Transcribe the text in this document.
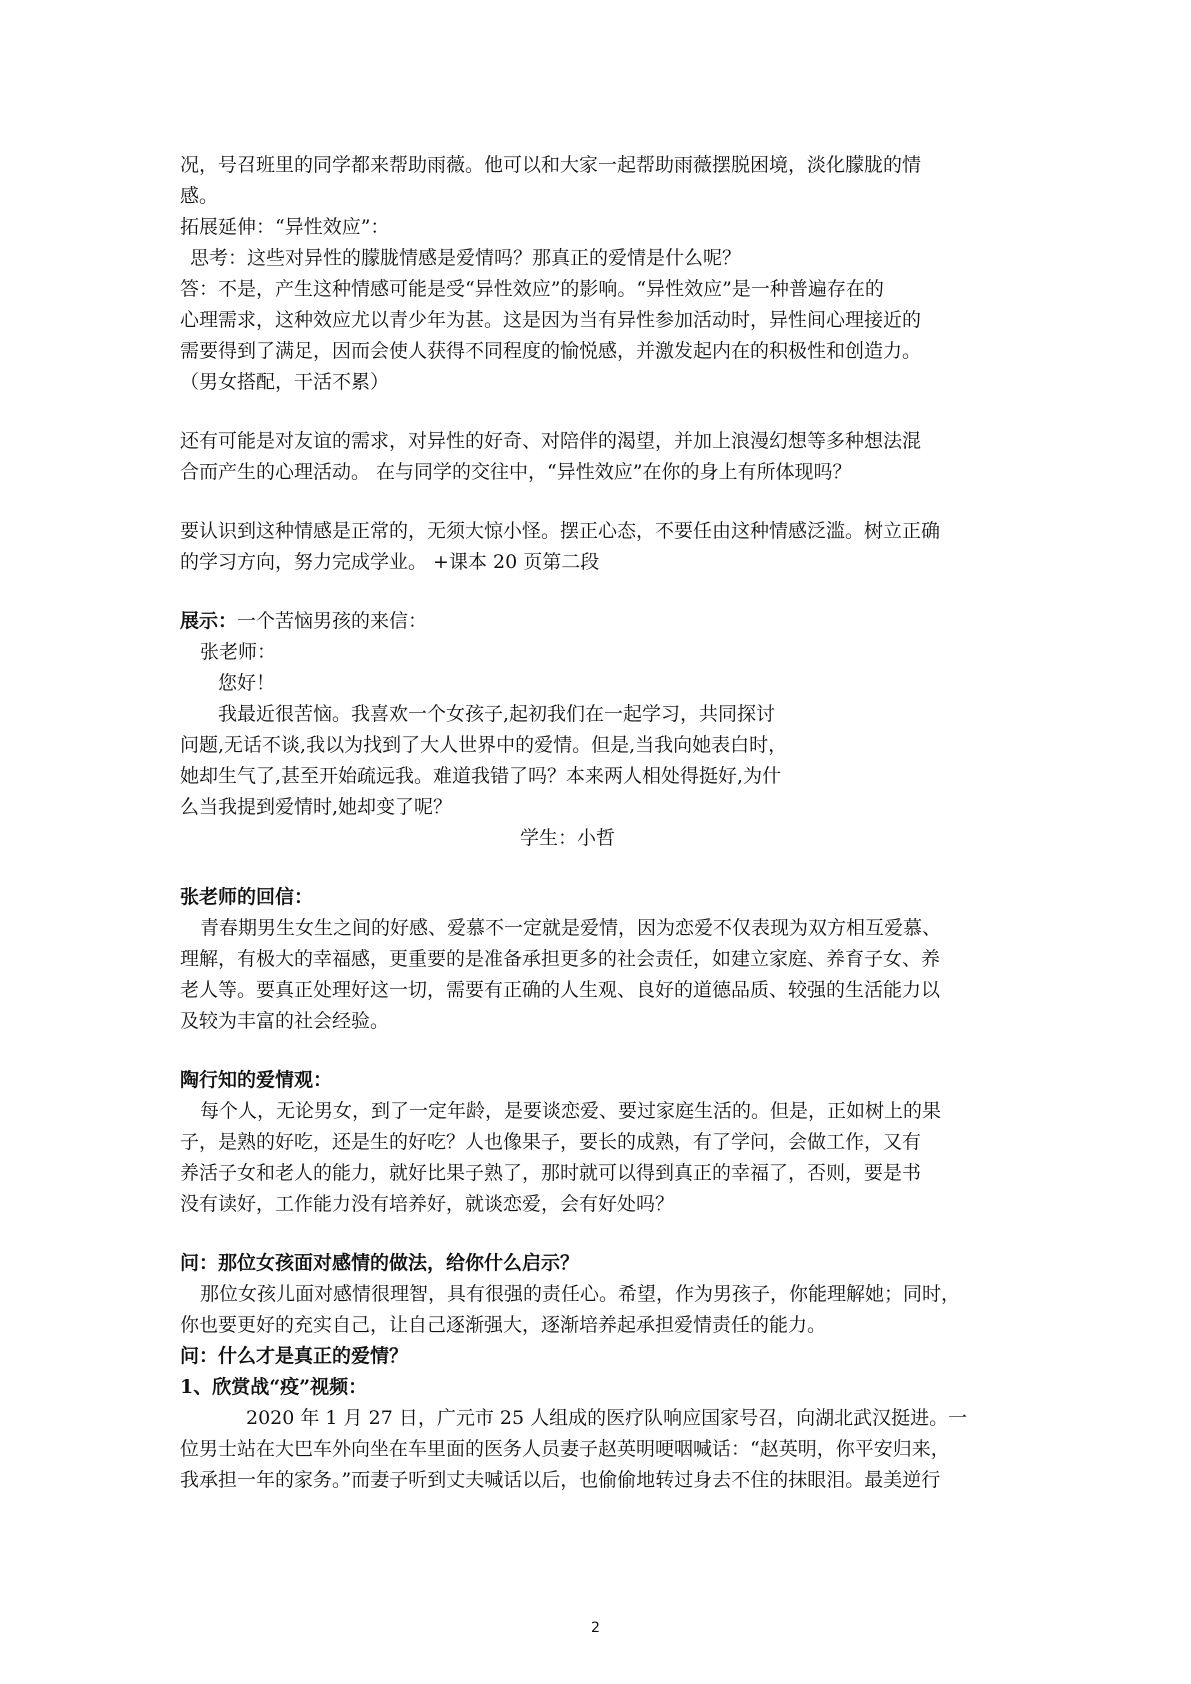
况，号召班里的同学都来帮助雨薇。他可以和大家一起帮助雨薇摆脱困境，淡化朦胧的情
感。
拓展延伸：“异性效应”：
思考：这些对异性的朦胧情感是爱情吗？那真正的爱情是什么呢？
答：不是，产生这种情感可能是受“异性效应”的影响。“异性效应”是一种普遍存在的
心理需求，这种效应尤以青少年为甚。这是因为当有异性参加活动时，异性间心理接近的
需要得到了满足，因而会使人获得不同程度的愉悦感，并激发起内在的积极性和创造力。
（男女搭配，干活不累）
还有可能是对友谊的需求，对异性的好奇、对陪伴的渴望，并加上浪漫幻想等多种想法混
合而产生的心理活动。 在与同学的交往中，“异性效应”在你的身上有所体现吗？
要认识到这种情感是正常的，无须大惊小怪。摆正心态，不要任由这种情感泛滥。树立正确
的学习方向，努力完成学业。 +课本 20 页第二段
展示：一个苦恼男孩的来信：
张老师：
您好！
我最近很苦恼。我喜欢一个女孩子,起初我们在一起学习，共同探讨
问题,无话不谈,我以为找到了大人世界中的爱情。但是,当我向她表白时，
她却生气了,甚至开始疏远我。难道我错了吗？本来两人相处得挺好,为什
么当我提到爱情时,她却变了呢？
学生：小哲
张老师的回信：
青春期男生女生之间的好感、爱慕不一定就是爱情，因为恋爱不仅表现为双方相互爱慕、
理解，有极大的幸福感，更重要的是准备承担更多的社会责任，如建立家庭、养育子女、养
老人等。要真正处理好这一切，需要有正确的人生观、良好的道德品质、较强的生活能力以
及较为丰富的社会经验。
陶行知的爱情观：
每个人，无论男女，到了一定年龄，是要谈恋爱、要过家庭生活的。但是，正如树上的果
子，是熟的好吃，还是生的好吃？人也像果子，要长的成熟，有了学问，会做工作，又有
养活子女和老人的能力，就好比果子熟了，那时就可以得到真正的幸福了，否则，要是书
没有读好，工作能力没有培养好，就谈恋爱，会有好处吗？
问：那位女孩面对感情的做法，给你什么启示？
那位女孩儿面对感情很理智，具有很强的责任心。希望，作为男孩子，你能理解她；同时，
你也要更好的充实自己，让自己逐渐强大，逐渐培养起承担爱情责任的能力。
问：什么才是真正的爱情？
1、欣赏战“疫”视频：
2020 年 1 月 27 日，广元市 25 人组成的医疗队响应国家号召，向湖北武汉挺进。一
位男士站在大巴车外向坐在车里面的医务人员妻子赵英明哽咽喊话：“赵英明，你平安归来，
我承担一年的家务。”而妻子听到丈夫喊话以后，也偷偷地转过身去不住的抹眼泪。最美逆行
2
